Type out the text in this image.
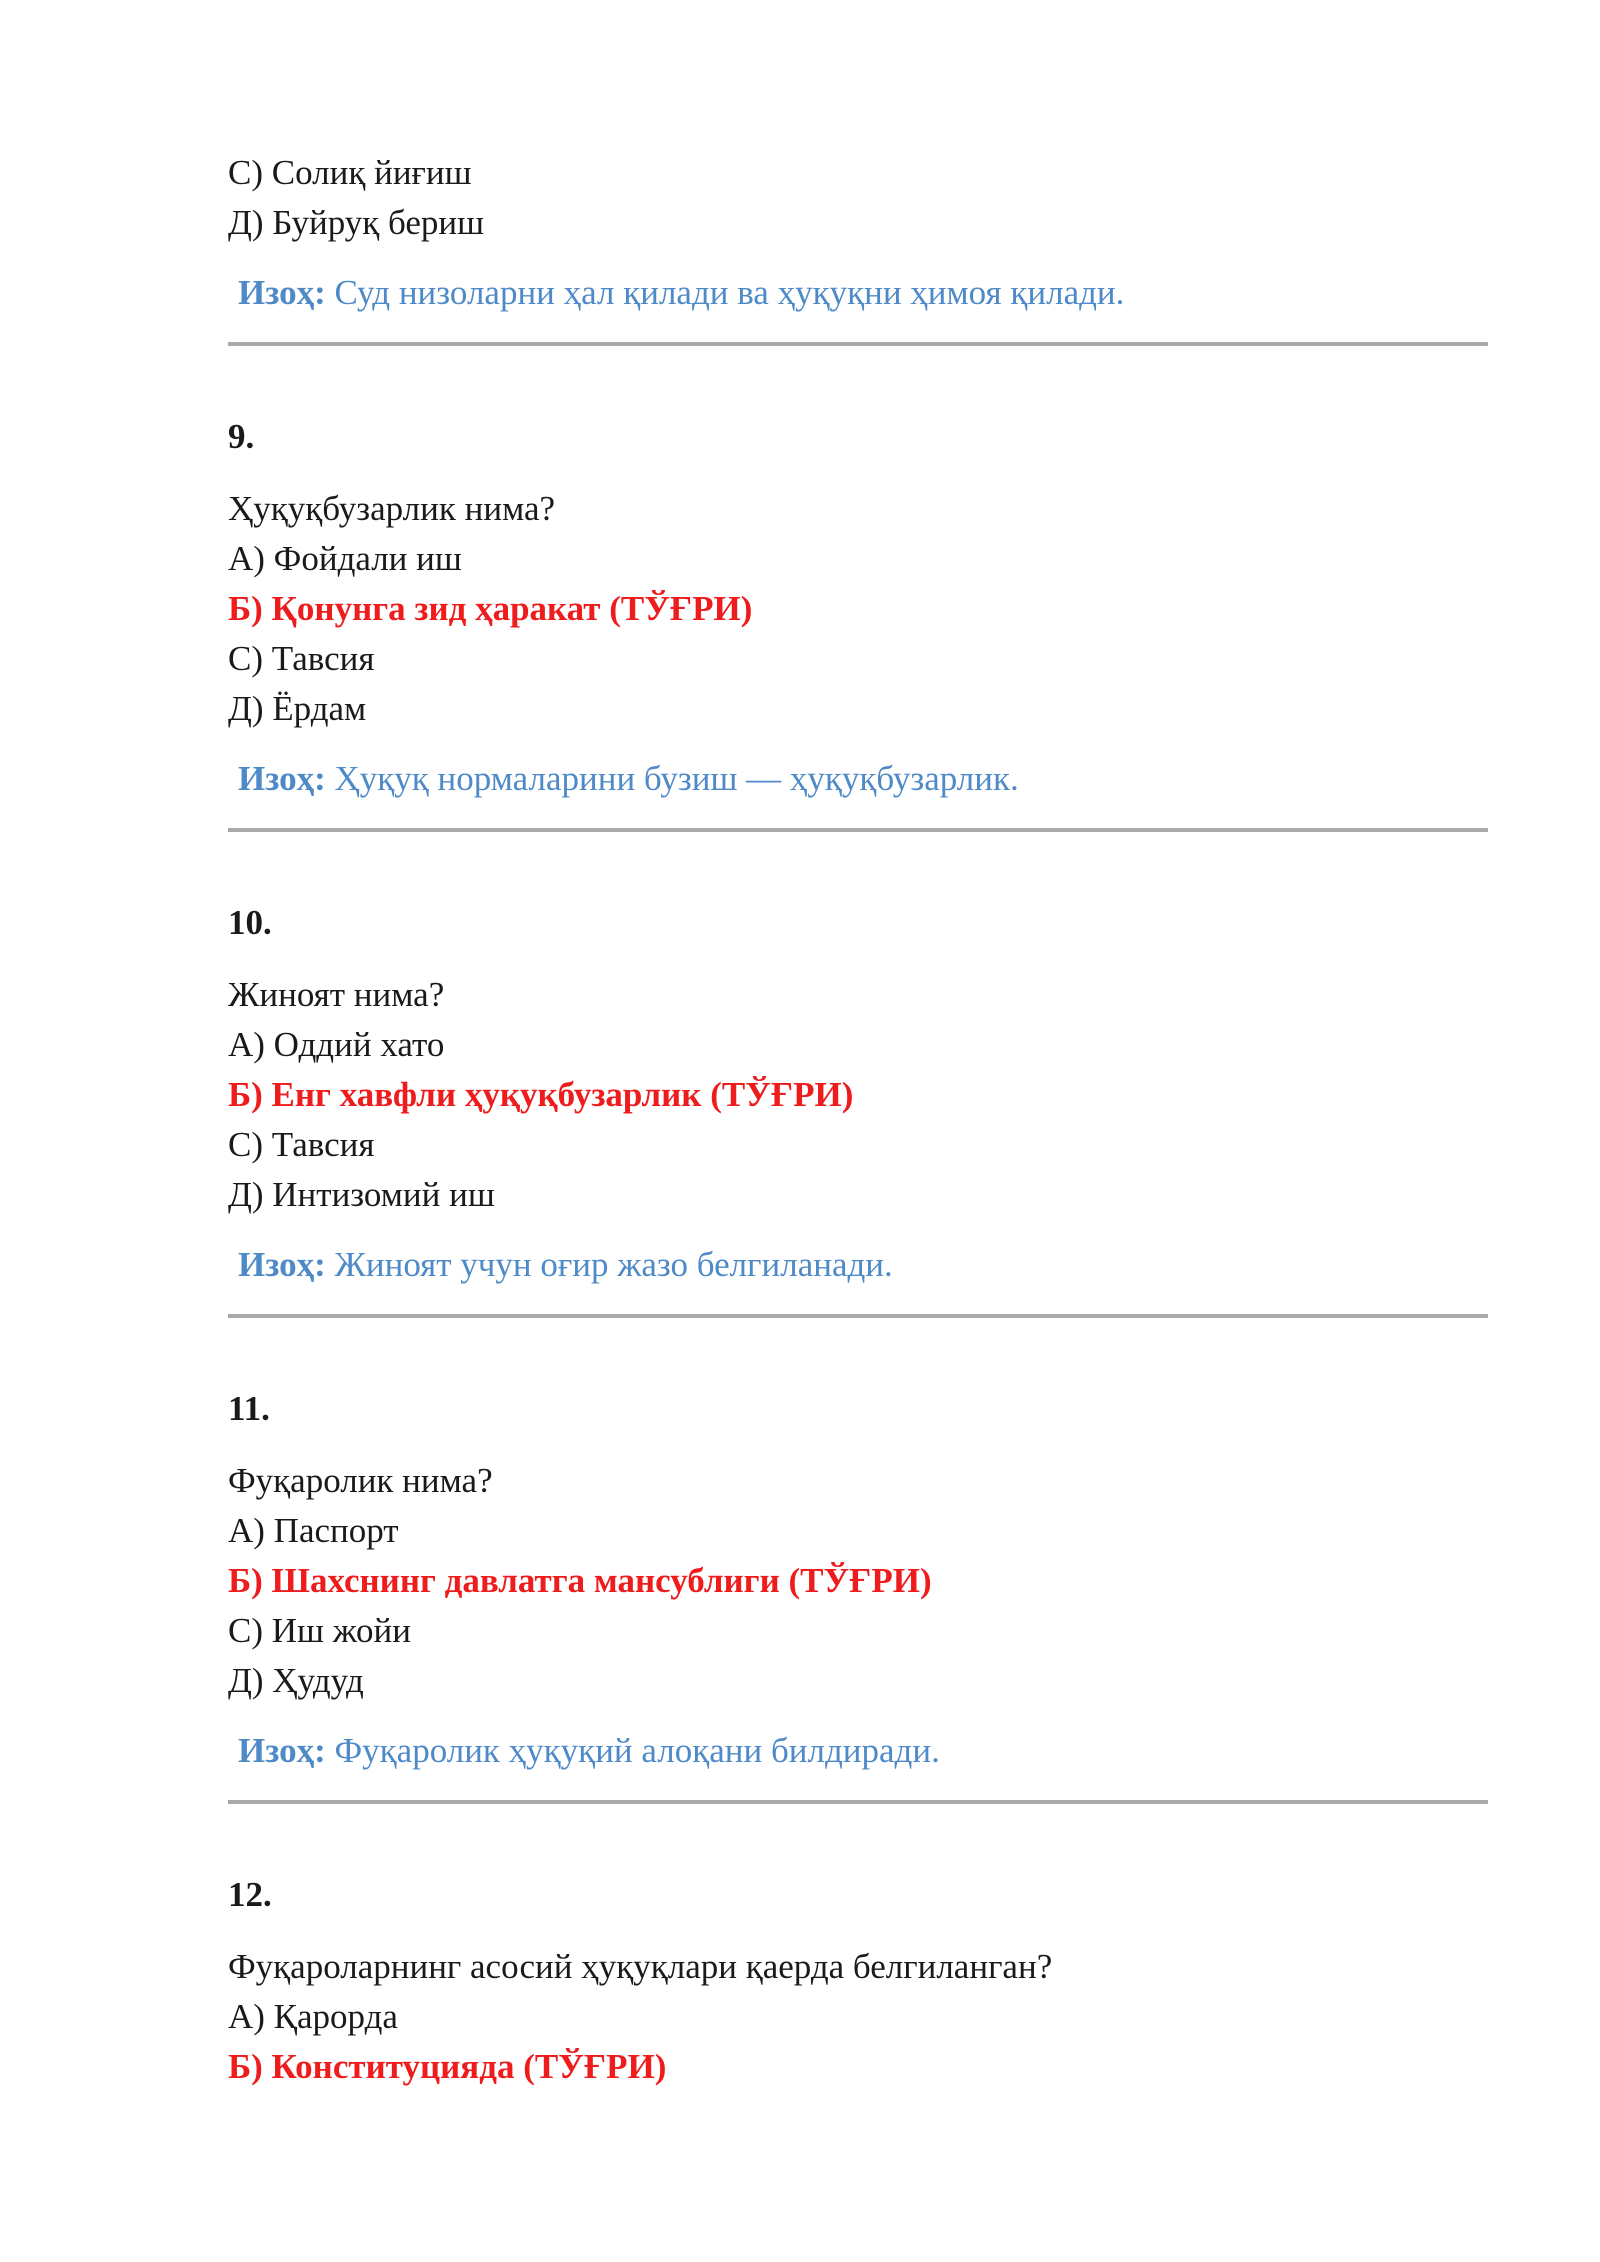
С) Солиқ йиғиш
Д) Буйруқ бериш
Изоҳ: Суд низоларни ҳал қилади ва ҳуқуқни ҳимоя қилади.
9.
Ҳуқуқбузарлик нима?
А) Фойдали иш
Б) Қонунга зид ҳаракат (ТЎҒРИ)
С) Тавсия
Д) Ёрдам
Изоҳ: Ҳуқуқ нормаларини бузиш — ҳуқуқбузарлик.
10.
Жиноят нима?
А) Оддий хато
Б) Енг хавфли ҳуқуқбузарлик (ТЎҒРИ)
С) Тавсия
Д) Интизомий иш
Изоҳ: Жиноят учун оғир жазо белгиланади.
11.
Фуқаролик нима?
А) Паспорт
Б) Шахснинг давлатга мансублиги (ТЎҒРИ)
С) Иш жойи
Д) Ҳудуд
Изоҳ: Фуқаролик ҳуқуқий алоқани билдиради.
12.
Фуқароларнинг асосий ҳуқуқлари қаерда белгиланган?
А) Қарорда
Б) Конституцияда (ТЎҒРИ)
